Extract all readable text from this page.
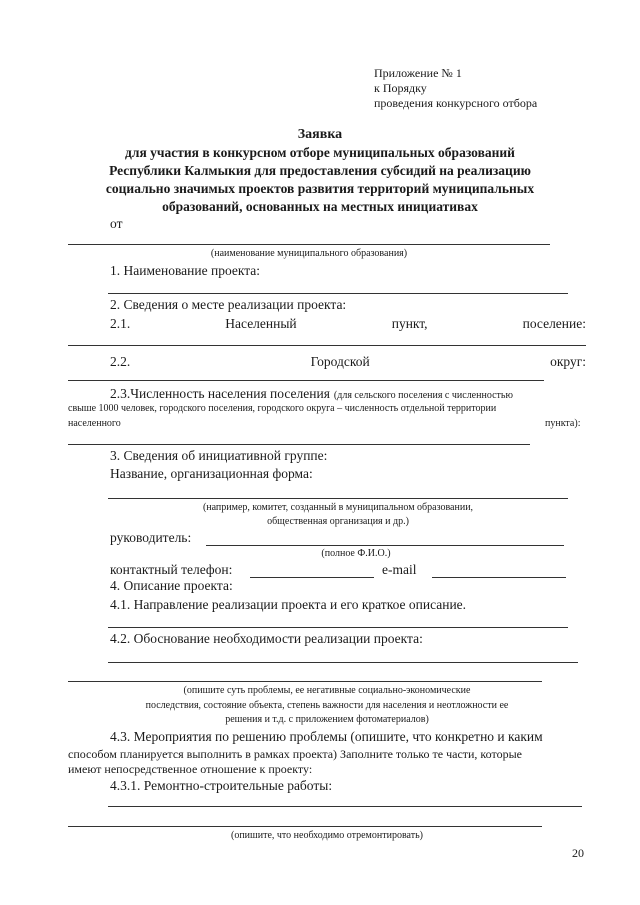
Приложение № 1
к Порядку
проведения конкурсного отбора
Заявка
для участия в конкурсном отборе муниципальных образований
Республики Калмыкия для предоставления субсидий на реализацию
социально значимых проектов развития территорий муниципальных
образований, основанных на местных инициативах
от
(наименование муниципального образования)
1. Наименование проекта:
2. Сведения о месте реализации проекта:
2.1.	Населенный	пункт,	поселение:
2.2.	Городской	округ:
2.3.Численность населения поселения (для сельского поселения с численностью
свыше 1000 человек, городского поселения, городского округа – численность отдельной территории
населенного	пункта):
3. Сведения об инициативной группе:
Название, организационная форма:
(например, комитет, созданный в муниципальном образовании,
общественная организация и др.)
руководитель:
(полное Ф.И.О.)
контактный телефон:	e-mail
4. Описание проекта:
4.1. Направление реализации проекта и его краткое описание.
4.2. Обоснование необходимости реализации проекта:
(опишите суть проблемы, ее негативные социально-экономические
последствия, состояние объекта, степень важности для населения и неотложности ее
решения и т.д. с приложением фотоматериалов)
4.3. Мероприятия по решению проблемы (опишите, что конкретно и каким
способом планируется выполнить в рамках проекта) Заполните только те части, которые
имеют непосредственное отношение к проекту:
4.3.1. Ремонтно-строительные работы:
(опишите, что необходимо отремонтировать)
20
